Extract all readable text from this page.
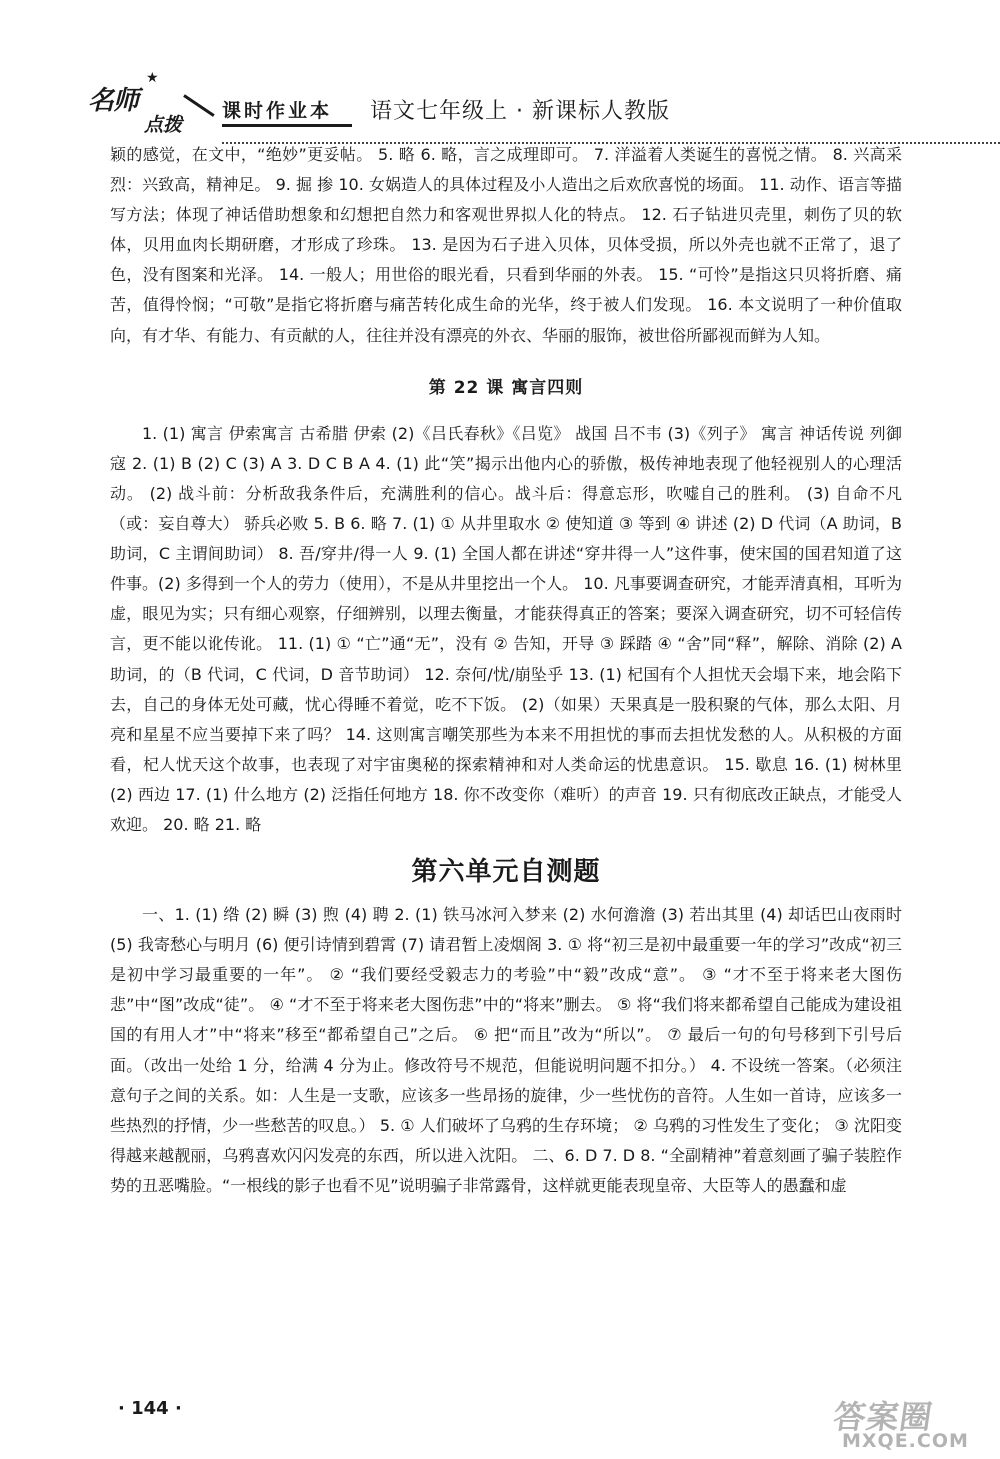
名师
★
点拨
课时作业本 语文七年级上 · 新课标人教版

颖的感觉，在文中，“绝妙”更妥帖。 5. 略 6. 略，言之成理即可。 7. 洋溢着人类诞生的喜悦之情。 8. 兴高采烈：兴致高，精神足。 9. 掘 掺 10. 女娲造人的具体过程及小人造出之后欢欣喜悦的场面。 11. 动作、语言等描写方法；体现了神话借助想象和幻想把自然力和客观世界拟人化的特点。 12. 石子钻进贝壳里，刺伤了贝的软体，贝用血肉长期研磨，才形成了珍珠。 13. 是因为石子进入贝体，贝体受损，所以外壳也就不正常了，退了色，没有图案和光泽。 14. 一般人；用世俗的眼光看，只看到华丽的外表。 15. “可怜”是指这只贝将折磨、痛苦，值得怜悯；“可敬”是指它将折磨与痛苦转化成生命的光华，终于被人们发现。 16. 本文说明了一种价值取向，有才华、有能力、有贡献的人，往往并没有漂亮的外衣、华丽的服饰，被世俗所鄙视而鲜为人知。

第 22 课 寓言四则

1. (1) 寓言 伊索寓言 古希腊 伊索 (2)《吕氏春秋》《吕览》 战国 吕不韦 (3)《列子》 寓言 神话传说 列御寇 2. (1) B (2) C (3) A 3. D C B A 4. (1) 此“笑”揭示出他内心的骄傲，极传神地表现了他轻视别人的心理活动。 (2) 战斗前：分析敌我条件后，充满胜利的信心。战斗后：得意忘形，吹嘘自己的胜利。 (3) 自命不凡（或：妄自尊大） 骄兵必败 5. B 6. 略 7. (1) ① 从井里取水 ② 使知道 ③ 等到 ④ 讲述 (2) D 代词（A 助词，B 助词，C 主谓间助词） 8. 吾/穿井/得一人 9. (1) 全国人都在讲述“穿井得一人”这件事，使宋国的国君知道了这件事。(2) 多得到一个人的劳力（使用），不是从井里挖出一个人。 10. 凡事要调查研究，才能弄清真相，耳听为虚，眼见为实；只有细心观察，仔细辨别，以理去衡量，才能获得真正的答案；要深入调查研究，切不可轻信传言，更不能以讹传讹。 11. (1) ① “亡”通“无”，没有 ② 告知，开导 ③ 踩踏 ④ “舍”同“释”，解除、消除 (2) A 助词，的（B 代词，C 代词，D 音节助词） 12. 奈何/忧/崩坠乎 13. (1) 杞国有个人担忧天会塌下来，地会陷下去，自己的身体无处可藏，忧心得睡不着觉，吃不下饭。 (2)（如果）天果真是一股积聚的气体，那么太阳、月亮和星星不应当要掉下来了吗？ 14. 这则寓言嘲笑那些为本来不用担忧的事而去担忧发愁的人。从积极的方面看，杞人忧天这个故事，也表现了对宇宙奥秘的探索精神和对人类命运的忧患意识。 15. 歇息 16. (1) 树林里 (2) 西边 17. (1) 什么地方 (2) 泛指任何地方 18. 你不改变你（难听）的声音 19. 只有彻底改正缺点，才能受人欢迎。 20. 略 21. 略

第六单元自测题

一、1. (1) 绺 (2) 瞬 (3) 煦 (4) 聘 2. (1) 铁马冰河入梦来 (2) 水何澹澹 (3) 若出其里 (4) 却话巴山夜雨时 (5) 我寄愁心与明月 (6) 便引诗情到碧霄 (7) 请君暂上凌烟阁 3. ① 将“初三是初中最重要一年的学习”改成“初三是初中学习最重要的一年”。 ② “我们要经受毅志力的考验”中“毅”改成“意”。 ③ “才不至于将来老大图伤悲”中“图”改成“徒”。 ④ “才不至于将来老大图伤悲”中的“将来”删去。 ⑤ 将“我们将来都希望自己能成为建设祖国的有用人才”中“将来”移至“都希望自己”之后。 ⑥ 把“而且”改为“所以”。 ⑦ 最后一句的句号移到下引号后面。（改出一处给 1 分，给满 4 分为止。修改符号不规范，但能说明问题不扣分。） 4. 不设统一答案。（必须注意句子之间的关系。如：人生是一支歌，应该多一些昂扬的旋律，少一些忧伤的音符。人生如一首诗，应该多一些热烈的抒情，少一些愁苦的叹息。） 5. ① 人们破坏了乌鸦的生存环境； ② 乌鸦的习性发生了变化； ③ 沈阳变得越来越靓丽，乌鸦喜欢闪闪发亮的东西，所以进入沈阳。 二、6. D 7. D 8. “全副精神”着意刻画了骗子装腔作势的丑恶嘴脸。“一根线的影子也看不见”说明骗子非常露骨，这样就更能表现皇帝、大臣等人的愚蠢和虚

· 144 ·	答案圈
MXQE.COM
